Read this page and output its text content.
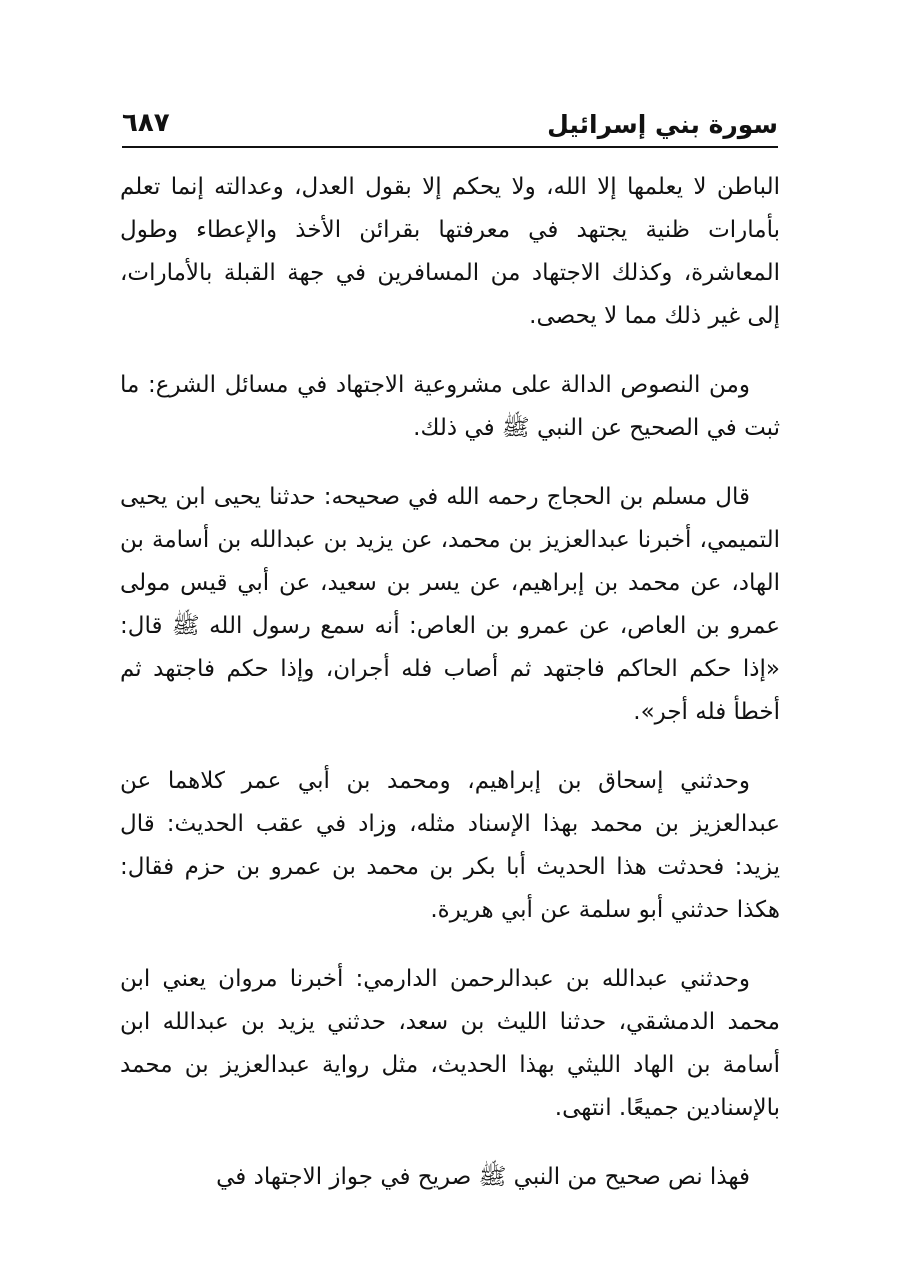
سورة بني إسرائيل
٦٨٧

الباطن لا يعلمها إلا الله، ولا يحكم إلا بقول العدل، وعدالته إنما تعلم بأمارات ظنية يجتهد في معرفتها بقرائن الأخذ والإعطاء وطول المعاشرة، وكذلك الاجتهاد من المسافرين في جهة القبلة بالأمارات، إلى غير ذلك مما لا يحصى.

ومن النصوص الدالة على مشروعية الاجتهاد في مسائل الشرع: ما ثبت في الصحيح عن النبي ﷺ في ذلك.

قال مسلم بن الحجاج رحمه الله في صحيحه: حدثنا يحيى ابن يحيى التميمي، أخبرنا عبدالعزيز بن محمد، عن يزيد بن عبدالله بن أسامة بن الهاد، عن محمد بن إبراهيم، عن يسر بن سعيد، عن أبي قيس مولى عمرو بن العاص، عن عمرو بن العاص: أنه سمع رسول الله ﷺ قال: «إذا حكم الحاكم فاجتهد ثم أصاب فله أجران، وإذا حكم فاجتهد ثم أخطأ فله أجر».

وحدثني إسحاق بن إبراهيم، ومحمد بن أبي عمر كلاهما عن عبدالعزيز بن محمد بهذا الإسناد مثله، وزاد في عقب الحديث: قال يزيد: فحدثت هذا الحديث أبا بكر بن محمد بن عمرو بن حزم فقال: هكذا حدثني أبو سلمة عن أبي هريرة.

وحدثني عبدالله بن عبدالرحمن الدارمي: أخبرنا مروان يعني ابن محمد الدمشقي، حدثنا الليث بن سعد، حدثني يزيد بن عبدالله ابن أسامة بن الهاد الليثي بهذا الحديث، مثل رواية عبدالعزيز بن محمد بالإسنادين جميعًا. انتهى.

فهذا نص صحيح من النبي ﷺ صريح في جواز الاجتهاد في
